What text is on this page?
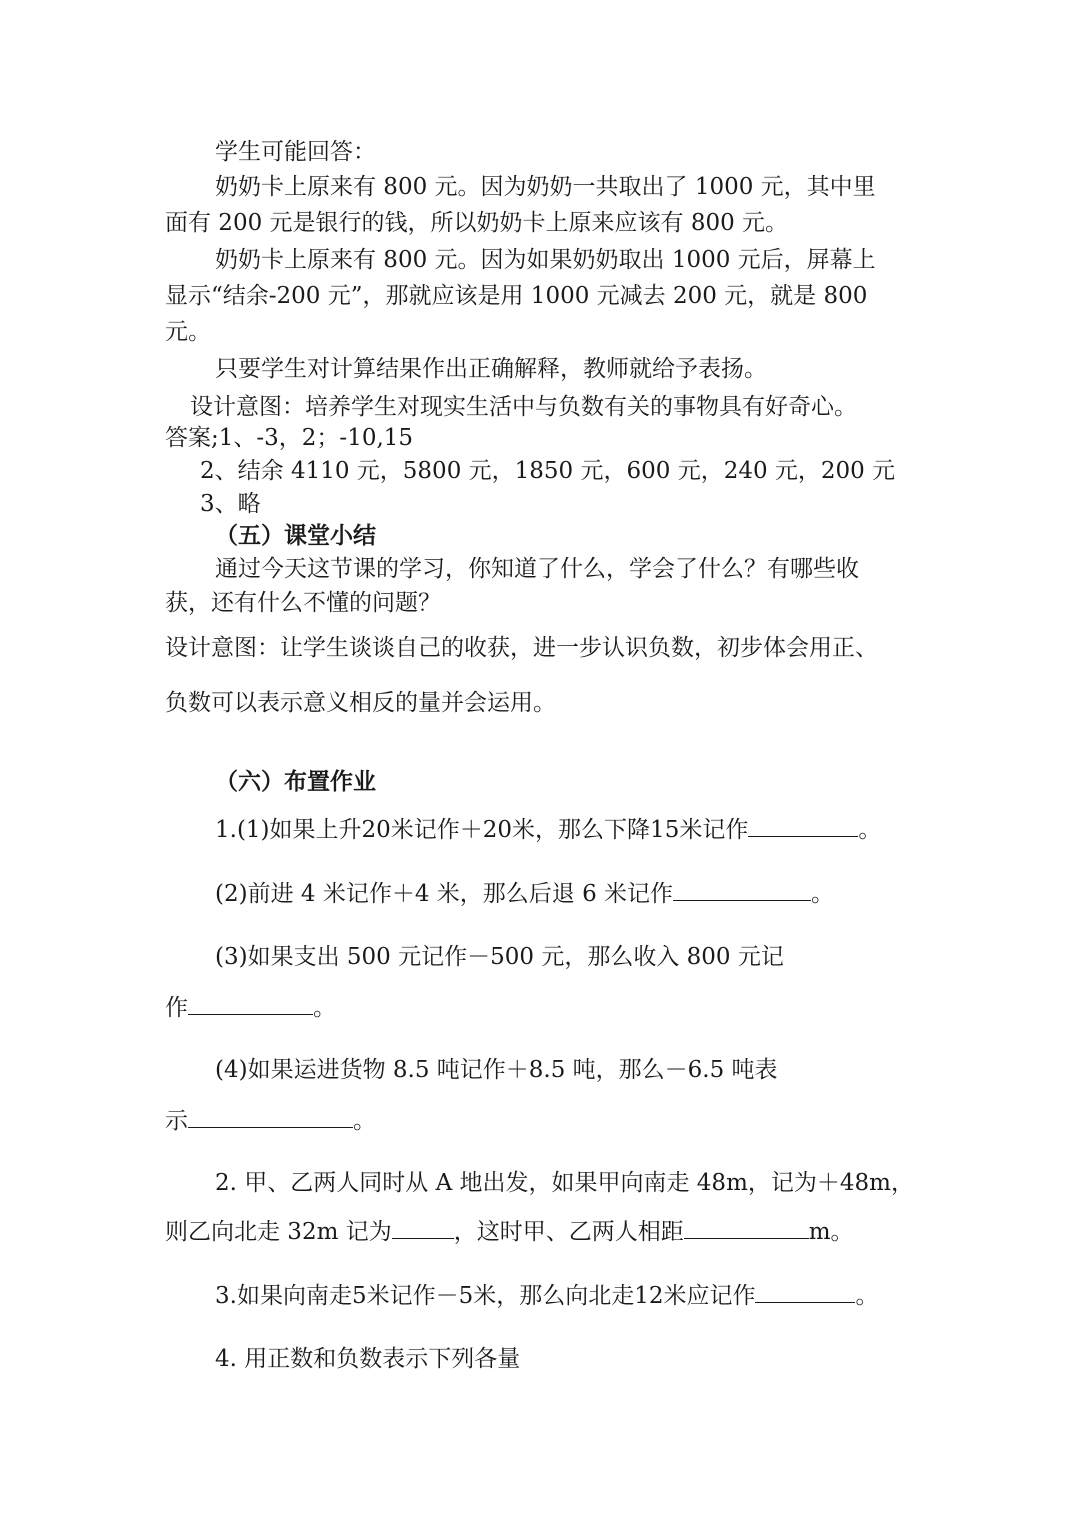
学生可能回答：
奶奶卡上原来有 800 元。因为奶奶一共取出了 1000 元，其中里
面有 200 元是银行的钱，所以奶奶卡上原来应该有 800 元。
奶奶卡上原来有 800 元。因为如果奶奶取出 1000 元后，屏幕上
显示“结余-200 元”，那就应该是用 1000 元减去 200 元，就是 800
元。
只要学生对计算结果作出正确解释，教师就给予表扬。
设计意图：培养学生对现实生活中与负数有关的事物具有好奇心。
答案;1、-3，2；-10,15
2、结余 4110 元，5800 元，1850 元，600 元，240 元，200 元
3、略
（五）课堂小结
通过今天这节课的学习，你知道了什么，学会了什么？有哪些收
获，还有什么不懂的问题？
设计意图：让学生谈谈自己的收获，进一步认识负数，初步体会用正、
负数可以表示意义相反的量并会运用。
（六）布置作业
1.(1)如果上升20米记作＋20米，那么下降15米记作	。
(2)前进 4 米记作＋4 米，那么后退 6 米记作	。
(3)如果支出 500 元记作－500 元，那么收入 800 元记
作	。
(4)如果运进货物 8.5 吨记作＋8.5 吨，那么－6.5 吨表
示	。
2. 甲、乙两人同时从 A 地出发，如果甲向南走 48m，记为＋48m，
则乙向北走 32m 记为	，这时甲、乙两人相距	m。
3.如果向南走5米记作－5米，那么向北走12米应记作	。
4. 用正数和负数表示下列各量
